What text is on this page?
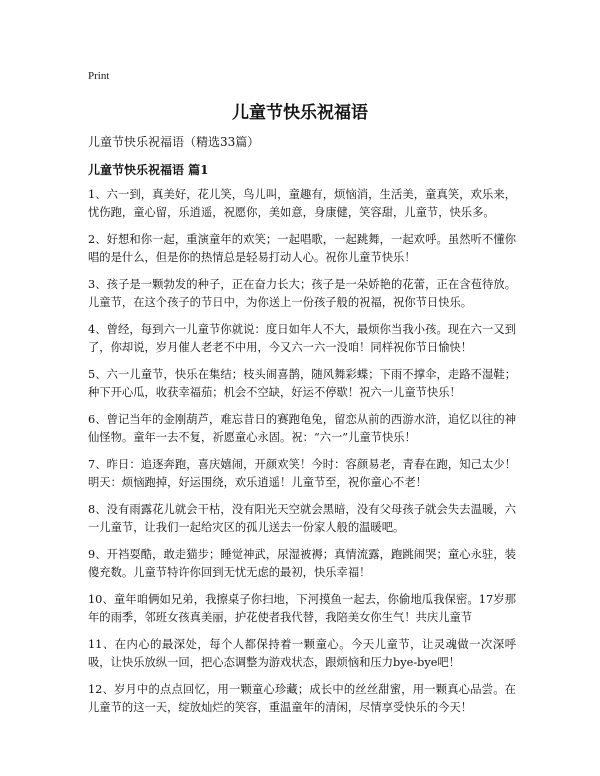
Print
儿童节快乐祝福语
儿童节快乐祝福语（精选33篇）
儿童节快乐祝福语 篇1

1、六一到，真美好，花儿笑，鸟儿叫，童趣有，烦恼消，生活美，童真笑，欢乐来，忧伤跑，童心留，乐逍遥，祝愿你，美如意，身康健，笑容甜，儿童节，快乐多。

2、好想和你一起，重演童年的欢笑；一起唱歌，一起跳舞，一起欢呼。虽然听不懂你唱的是什么，但是你的热情总是轻易打动人心。祝你儿童节快乐！

3、孩子是一颗勃发的种子，正在奋力长大；孩子是一朵娇艳的花蕾，正在含苞待放。儿童节，在这个孩子的节日中，为你送上一份孩子般的祝福，祝你节日快乐。

4、曾经，每到六一儿童节你就说：度日如年人不大，最烦你当我小孩。现在六一又到了，你却说，岁月催人老老不中用，今又六一六一没咱！同样祝你节日愉快！

5、六一儿童节，快乐在集结；枝头闹喜鹊，随风舞彩蝶；下雨不撑伞，走路不湿鞋；种下开心瓜，收获幸福茄；机会不空缺，好运不停歇！祝六一儿童节快乐！

6、曾记当年的金刚葫芦，难忘昔日的赛跑龟兔，留恋从前的西游水浒，追忆以往的神仙怪物。童年一去不复，祈愿童心永固。祝：“六一”儿童节快乐！

7、昨日：追逐奔跑，喜庆嬉闹，开颜欢笑！今时：容颜易老，青春在跑，知己太少！明天：烦恼跑掉，好运围绕，欢乐逍遥！儿童节至，祝你童心不老！

8、没有雨露花儿就会干枯，没有阳光天空就会黑暗，没有父母孩子就会失去温暖，六一儿童节，让我们一起给灾区的孤儿送去一份家人般的温暖吧。

9、开裆耍酷，敢走猫步；睡觉神武，尿湿被褥；真情流露，跑跳闹哭；童心永驻，装傻充数。儿童节特许你回到无忧无虑的最初，快乐幸福！

10、童年咱俩如兄弟，我擦桌子你扫地，下河摸鱼一起去，你偷地瓜我保密。17岁那年的雨季，邻班女孩真美丽，护花使者我代替，我陪美女你生气！共庆儿童节

11、在内心的最深处，每个人都保持着一颗童心。今天儿童节，让灵魂做一次深呼吸，让快乐放纵一回，把心态调整为游戏状态，跟烦恼和压力bye-bye吧！

12、岁月中的点点回忆，用一颗童心珍藏；成长中的丝丝甜蜜，用一颗真心品尝。在儿童节的这一天，绽放灿烂的笑容，重温童年的清闲，尽情享受快乐的今天！
